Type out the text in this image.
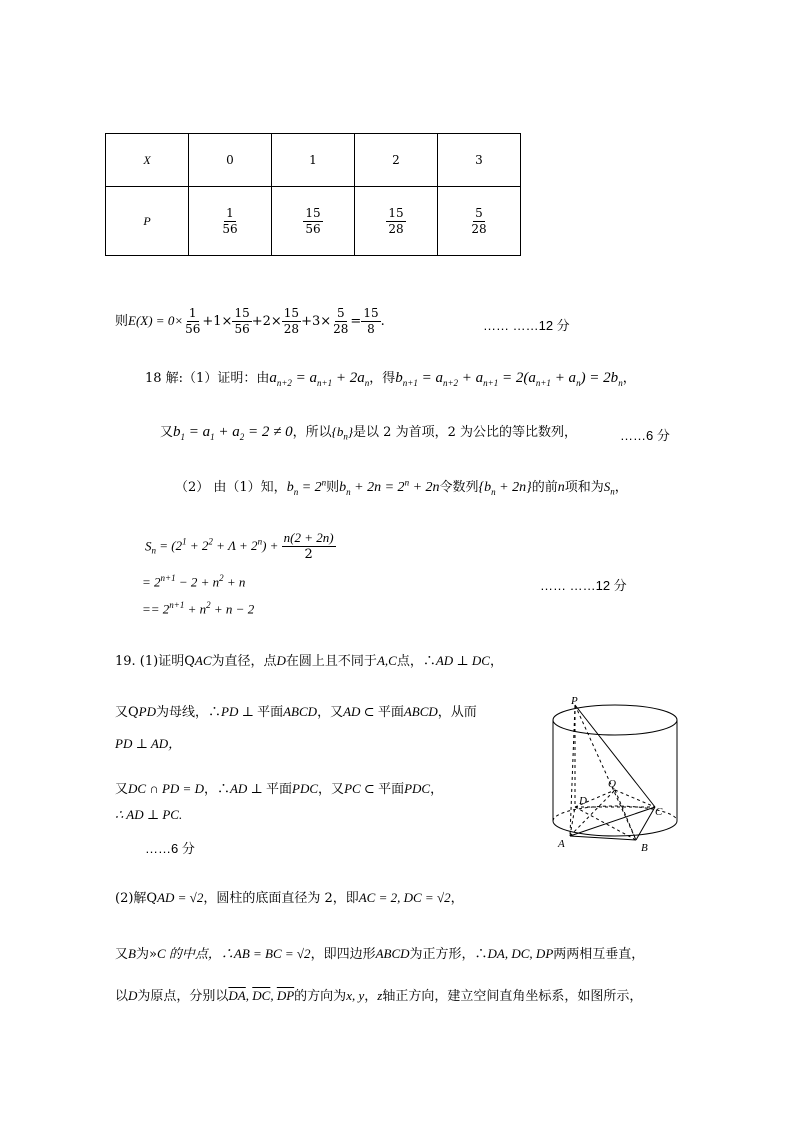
X	0	1	2	3
P	$\frac{1}{56}$	$\frac{15}{56}$	$\frac{15}{28}$	$\frac{5}{28}$
则$E(X) = 0\times \frac{1}{56} +1\times \frac{15}{56} +2\times \frac{15}{28} +3\times \frac{5}{28} = \frac{15}{8}$ .	…… ……12 分
18 解:（1）证明：由$a_{n+2} = a_{n+1} + 2a_n$，得$b_{n+1} = a_{n+2} + a_{n+1} = 2(a_{n+1} + a_n) = 2b_n$，
又$b_1 = a_1 + a_2 = 2 \ne 0$，所以$\{b_n\}$是以 2 为首项，2 为公比的等比数列，	……6 分
（2） 由（1）知，$b_n = 2^n$则$b_n + 2n = 2^n + 2n$令数列$\{b_n + 2n\}$的前n项和为$S_n$，
$S_n = (2^1 + 2^2 + \Lambda + 2^n) + \frac{n(2 + 2n)}{2}$
= $2^{n+1} - 2 + n^2 + n$	…… ……12 分
== $2^{n+1} + n^2 + n - 2$
19. (1)证明QAC为直径，点D在圆上且不同于A,C点，∴AD ⊥ DC，
又QPD为母线，∴PD ⊥ 平面ABCD，又AD ⊂ 平面ABCD，从而
PD ⊥ AD，
又DC ∩ PD = D，∴AD ⊥ 平面PDC，又PC ⊂ 平面PDC，
∴ AD ⊥ PC.
……6 分
P
Q
D
C
A	B
(2)解QAD = √2，圆柱的底面直径为 2，即AC = 2, DC = √2，
又B为»C 的中点，∴AB = BC = √2，即四边形ABCD为正方形，∴DA, DC, DP两两相互垂直，
以D为原点，分别以$\overline{DA}$, $\overline{DC}$, $\overline{DP}$的方向为x, y，z轴正方向，建立空间直角坐标系，如图所示，
